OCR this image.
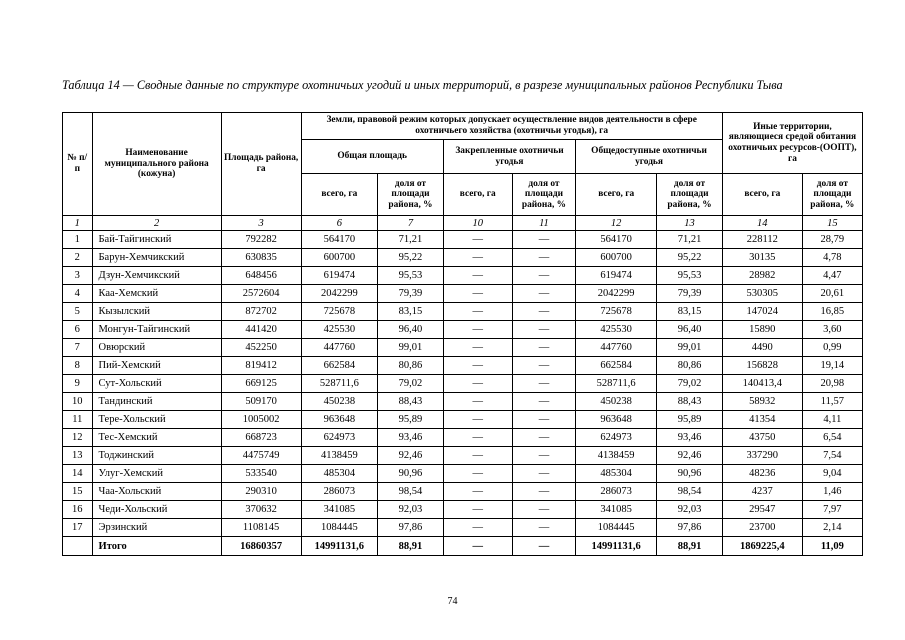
Таблица 14 — Сводные данные по структуре охотничьих угодий и иных территорий, в разрезе муниципальных районов Республики Тыва
№ п/п	Наименование муниципального района (кожуна)	Площадь района, га	Земли, правовой режим которых допускает осуществление видов деятельности в сфере охотничьего хозяйства (охотничьи угодья), га						Иные территории, являющиеся средой обитания охотничьих ресурсов-(ООПТ), га	
			Общая площадь		Закрепленные охотничьи угодья		Общедоступные охотничьи угодья			
			всего, га	доля от площади района, %	всего, га	доля от площади района, %	всего, га	доля от площади района, %	всего, га	доля от площади района, %
1	2	3	6	7	10	11	12	13	14	15
1	Бай-Тайгинский	792282	564170	71,21	—	—	564170	71,21	228112	28,79
2	Барун-Хемчикский	630835	600700	95,22	—	—	600700	95,22	30135	4,78
3	Дзун-Хемчикский	648456	619474	95,53	—	—	619474	95,53	28982	4,47
4	Каа-Хемский	2572604	2042299	79,39	—	—	2042299	79,39	530305	20,61
5	Кызылский	872702	725678	83,15	—	—	725678	83,15	147024	16,85
6	Монгун-Тайгинский	441420	425530	96,40	—	—	425530	96,40	15890	3,60
7	Овюрский	452250	447760	99,01	—	—	447760	99,01	4490	0,99
8	Пий-Хемский	819412	662584	80,86	—	—	662584	80,86	156828	19,14
9	Сут-Хольский	669125	528711,6	79,02	—	—	528711,6	79,02	140413,4	20,98
10	Тандинский	509170	450238	88,43	—	—	450238	88,43	58932	11,57
11	Тере-Хольский	1005002	963648	95,89	—	—	963648	95,89	41354	4,11
12	Тес-Хемский	668723	624973	93,46	—	—	624973	93,46	43750	6,54
13	Тоджинский	4475749	4138459	92,46	—	—	4138459	92,46	337290	7,54
14	Улуг-Хемский	533540	485304	90,96	—	—	485304	90,96	48236	9,04
15	Чаа-Хольский	290310	286073	98,54	—	—	286073	98,54	4237	1,46
16	Чеди-Хольский	370632	341085	92,03	—	—	341085	92,03	29547	7,97
17	Эрзинский	1108145	1084445	97,86	—	—	1084445	97,86	23700	2,14
	Итого	16860357	14991131,6	88,91	—	—	14991131,6	88,91	1869225,4	11,09
74
